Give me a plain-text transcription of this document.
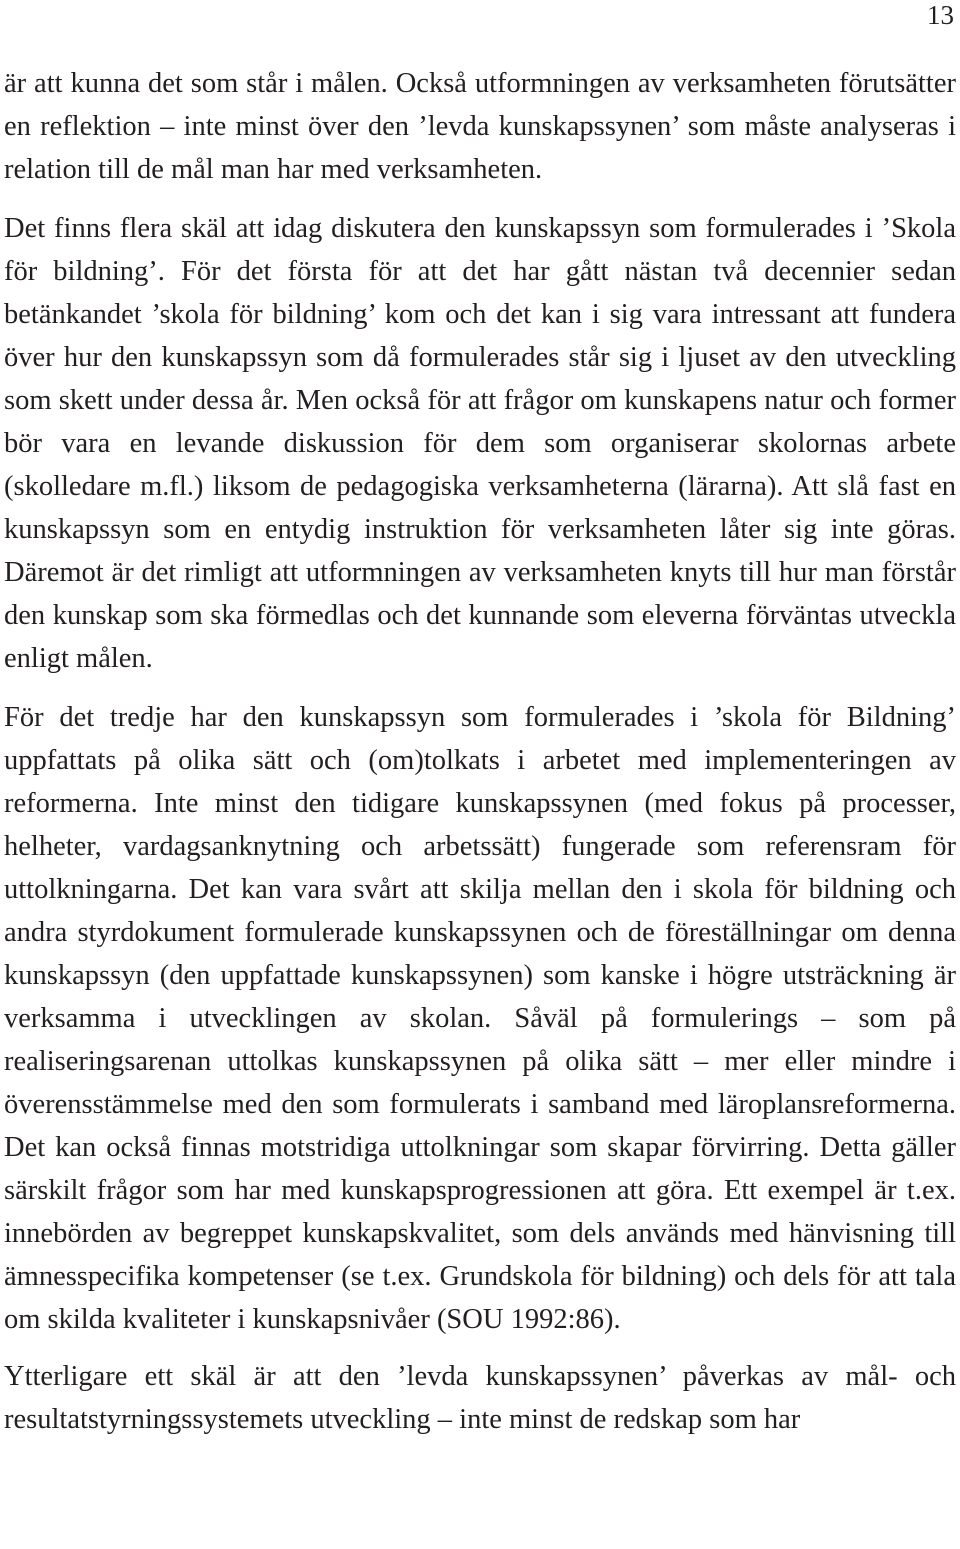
13

är att kunna det som står i målen. Också utformningen av verksamheten förutsätter en reflektion – inte minst över den ’levda kunskapssynen’ som måste analyseras i relation till de mål man har med verksamheten.

Det finns flera skäl att idag diskutera den kunskapssyn som formulerades i ’Skola för bildning’. För det första för att det har gått nästan två decennier sedan betänkandet ’skola för bildning’ kom och det kan i sig vara intressant att fundera över hur den kunskapssyn som då formulerades står sig i ljuset av den utveckling som skett under dessa år. Men också för att frågor om kunskapens natur och former bör vara en levande diskussion för dem som organiserar skolornas arbete (skolledare m.fl.) liksom de pedagogiska verksamheterna (lärarna). Att slå fast en kunskapssyn som en entydig instruktion för verksamheten låter sig inte göras. Däremot är det rimligt att utformningen av verksamheten knyts till hur man förstår den kunskap som ska förmedlas och det kunnande som eleverna förväntas utveckla enligt målen.

För det tredje har den kunskapssyn som formulerades i ’skola för Bildning’ uppfattats på olika sätt och (om)tolkats i arbetet med implementeringen av reformerna. Inte minst den tidigare kunskapssynen (med fokus på processer, helheter, vardagsanknytning och arbetssätt) fungerade som referensram för uttolkningarna. Det kan vara svårt att skilja mellan den i skola för bildning och andra styrdokument formulerade kunskapssynen och de föreställningar om denna kunskapssyn (den uppfattade kunskapssynen) som kanske i högre utsträckning är verksamma i utvecklingen av skolan. Såväl på formulerings – som på realiseringsarenan uttolkas kunskapssynen på olika sätt – mer eller mindre i överensstämmelse med den som formulerats i samband med läroplansreformerna. Det kan också finnas motstridiga uttolkningar som skapar förvirring. Detta gäller särskilt frågor som har med kunskapsprogressionen att göra. Ett exempel är t.ex. innebörden av begreppet kunskapskvalitet, som dels används med hänvisning till ämnesspecifika kompetenser (se t.ex. Grundskola för bildning) och dels för att tala om skilda kvaliteter i kunskapsnivåer (SOU 1992:86).

Ytterligare ett skäl är att den ’levda kunskapssynen’ påverkas av mål- och resultatstyrningssystemets utveckling – inte minst de redskap som har
